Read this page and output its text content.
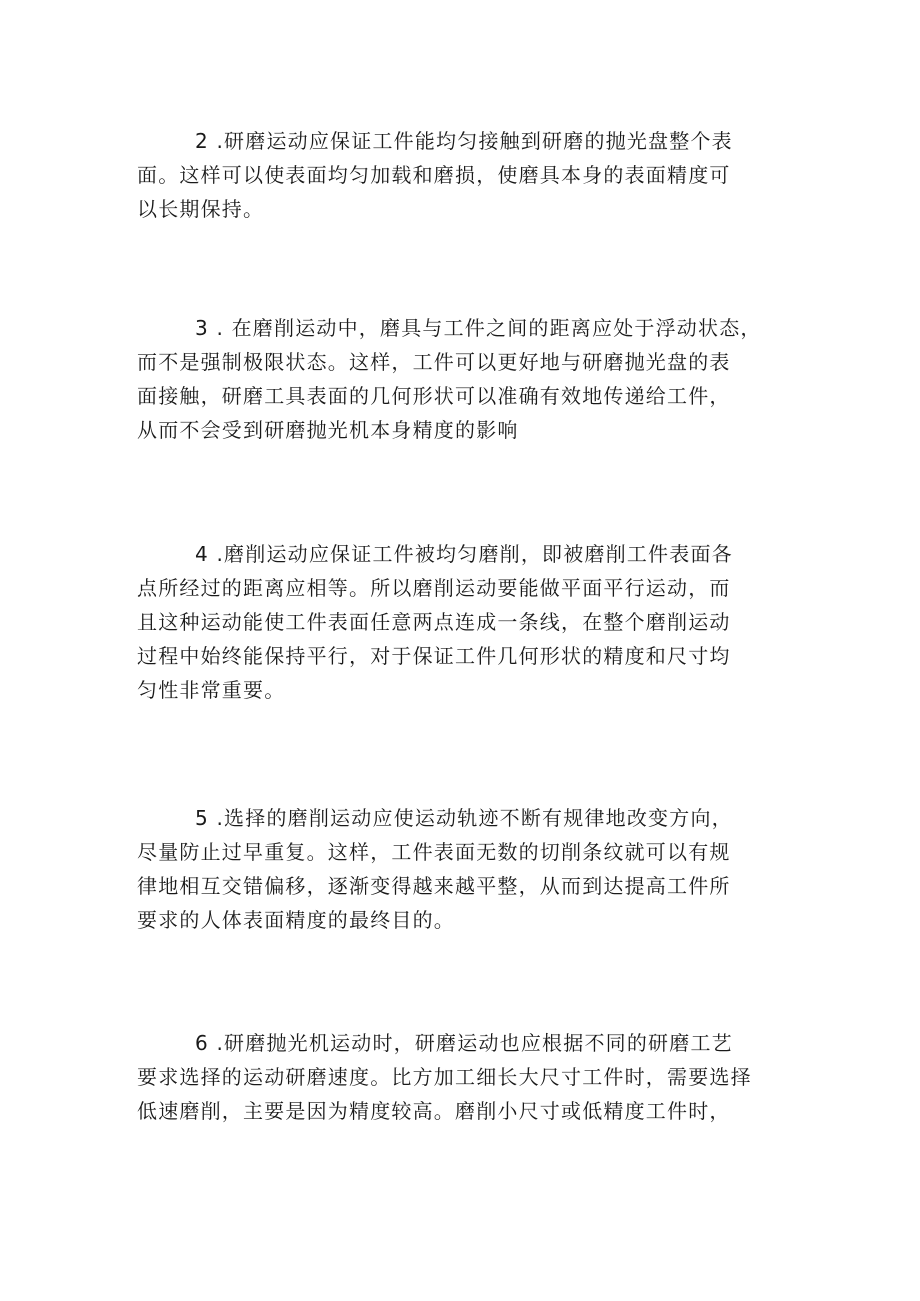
2 .研磨运动应保证工件能均匀接触到研磨的抛光盘整个表
面。这样可以使表面均匀加载和磨损，使磨具本身的表面精度可
以长期保持。

3 . 在磨削运动中，磨具与工件之间的距离应处于浮动状态，
而不是强制极限状态。这样，工件可以更好地与研磨抛光盘的表
面接触，研磨工具表面的几何形状可以准确有效地传递给工件，
从而不会受到研磨抛光机本身精度的影响

4 .磨削运动应保证工件被均匀磨削，即被磨削工件表面各
点所经过的距离应相等。所以磨削运动要能做平面平行运动，而
且这种运动能使工件表面任意两点连成一条线，在整个磨削运动
过程中始终能保持平行，对于保证工件几何形状的精度和尺寸均
匀性非常重要。

5 .选择的磨削运动应使运动轨迹不断有规律地改变方向，
尽量防止过早重复。这样，工件表面无数的切削条纹就可以有规
律地相互交错偏移，逐渐变得越来越平整，从而到达提高工件所
要求的人体表面精度的最终目的。

6 .研磨抛光机运动时，研磨运动也应根据不同的研磨工艺
要求选择的运动研磨速度。比方加工细长大尺寸工件时，需要选择
低速磨削，主要是因为精度较高。磨削小尺寸或低精度工件时，
